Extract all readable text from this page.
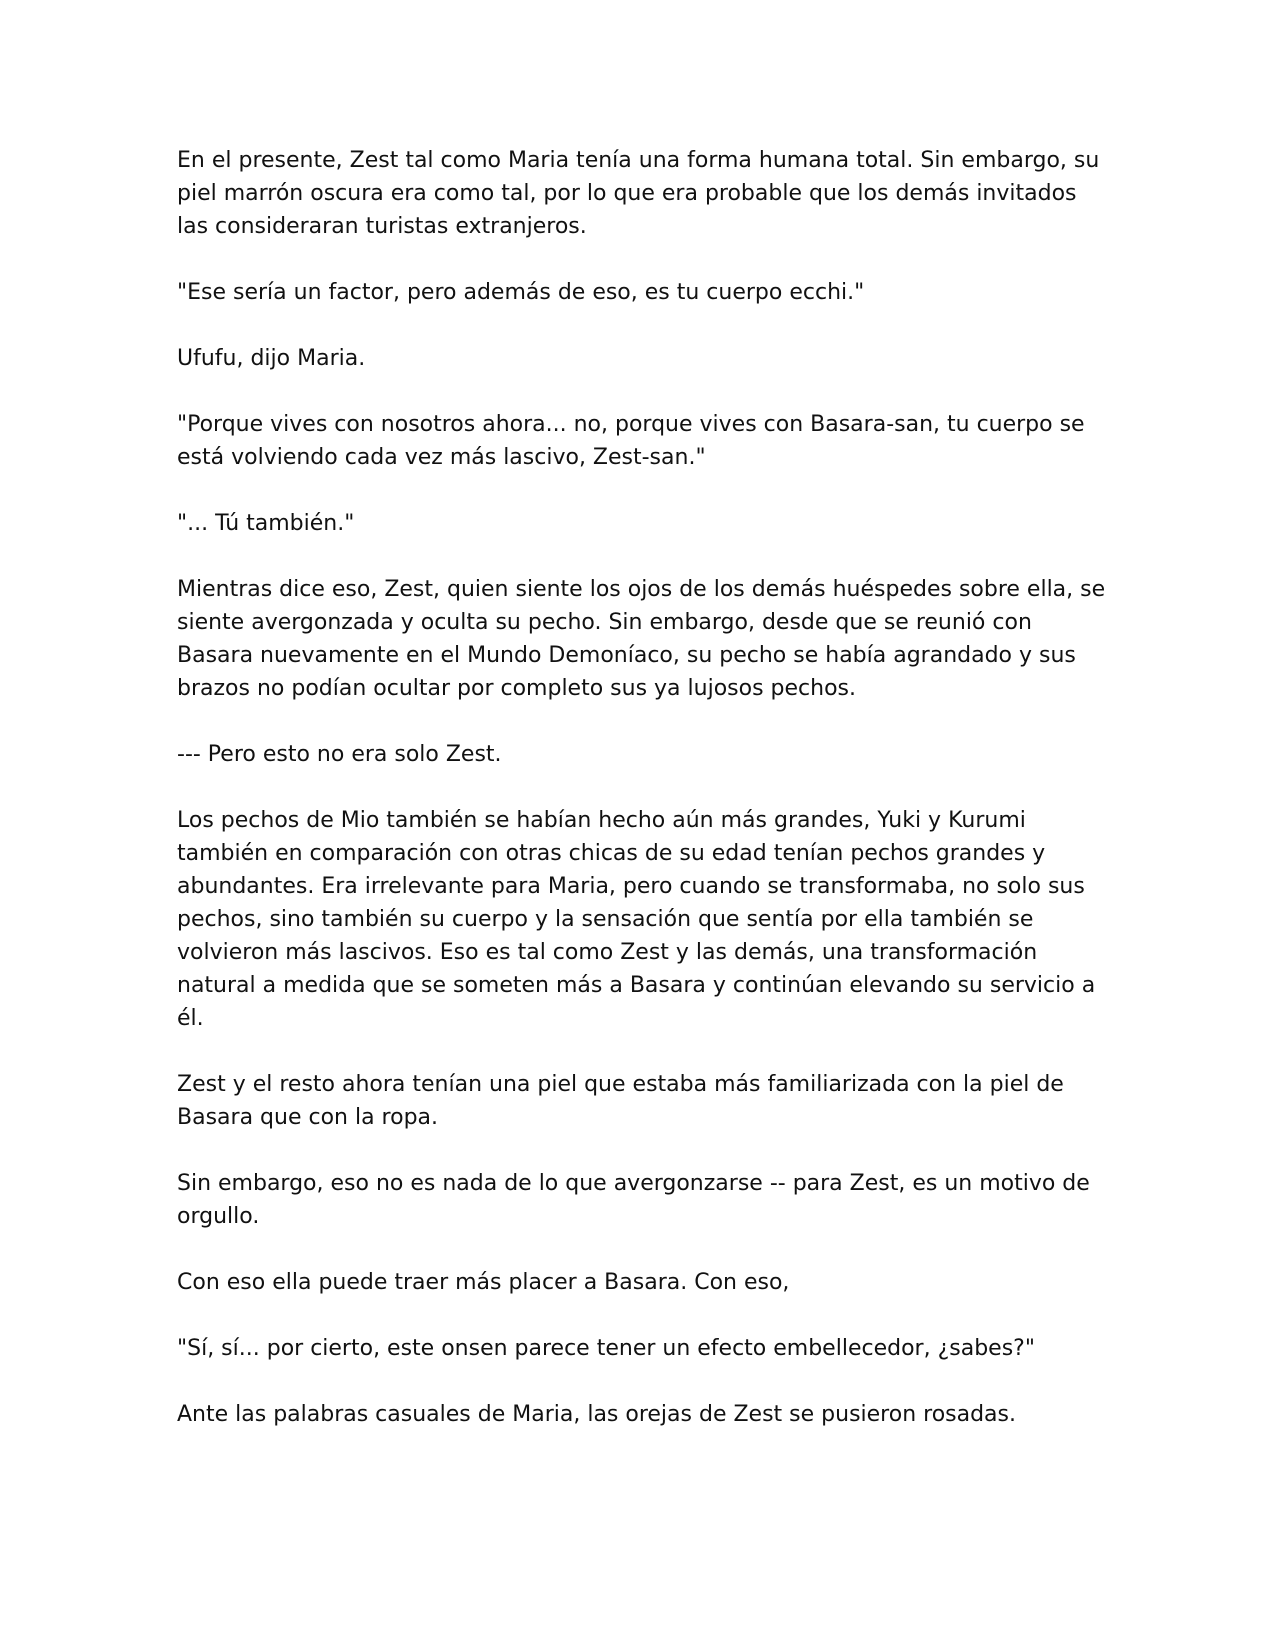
En el presente, Zest tal como Maria tenía una forma humana total. Sin embargo, su piel marrón oscura era como tal, por lo que era probable que los demás invitados las consideraran turistas extranjeros.

"Ese sería un factor, pero además de eso, es tu cuerpo ecchi."

Ufufu, dijo Maria.

"Porque vives con nosotros ahora... no, porque vives con Basara-san, tu cuerpo se está volviendo cada vez más lascivo, Zest-san."

"... Tú también."

Mientras dice eso, Zest, quien siente los ojos de los demás huéspedes sobre ella, se siente avergonzada y oculta su pecho. Sin embargo, desde que se reunió con Basara nuevamente en el Mundo Demoníaco, su pecho se había agrandado y sus brazos no podían ocultar por completo sus ya lujosos pechos.

--- Pero esto no era solo Zest.

Los pechos de Mio también se habían hecho aún más grandes, Yuki y Kurumi también en comparación con otras chicas de su edad tenían pechos grandes y abundantes. Era irrelevante para Maria, pero cuando se transformaba, no solo sus pechos, sino también su cuerpo y la sensación que sentía por ella también se volvieron más lascivos. Eso es tal como Zest y las demás, una transformación natural a medida que se someten más a Basara y continúan elevando su servicio a él.

Zest y el resto ahora tenían una piel que estaba más familiarizada con la piel de Basara que con la ropa.

Sin embargo, eso no es nada de lo que avergonzarse -- para Zest, es un motivo de orgullo.

Con eso ella puede traer más placer a Basara. Con eso,

"Sí, sí... por cierto, este onsen parece tener un efecto embellecedor, ¿sabes?"

Ante las palabras casuales de Maria, las orejas de Zest se pusieron rosadas.
